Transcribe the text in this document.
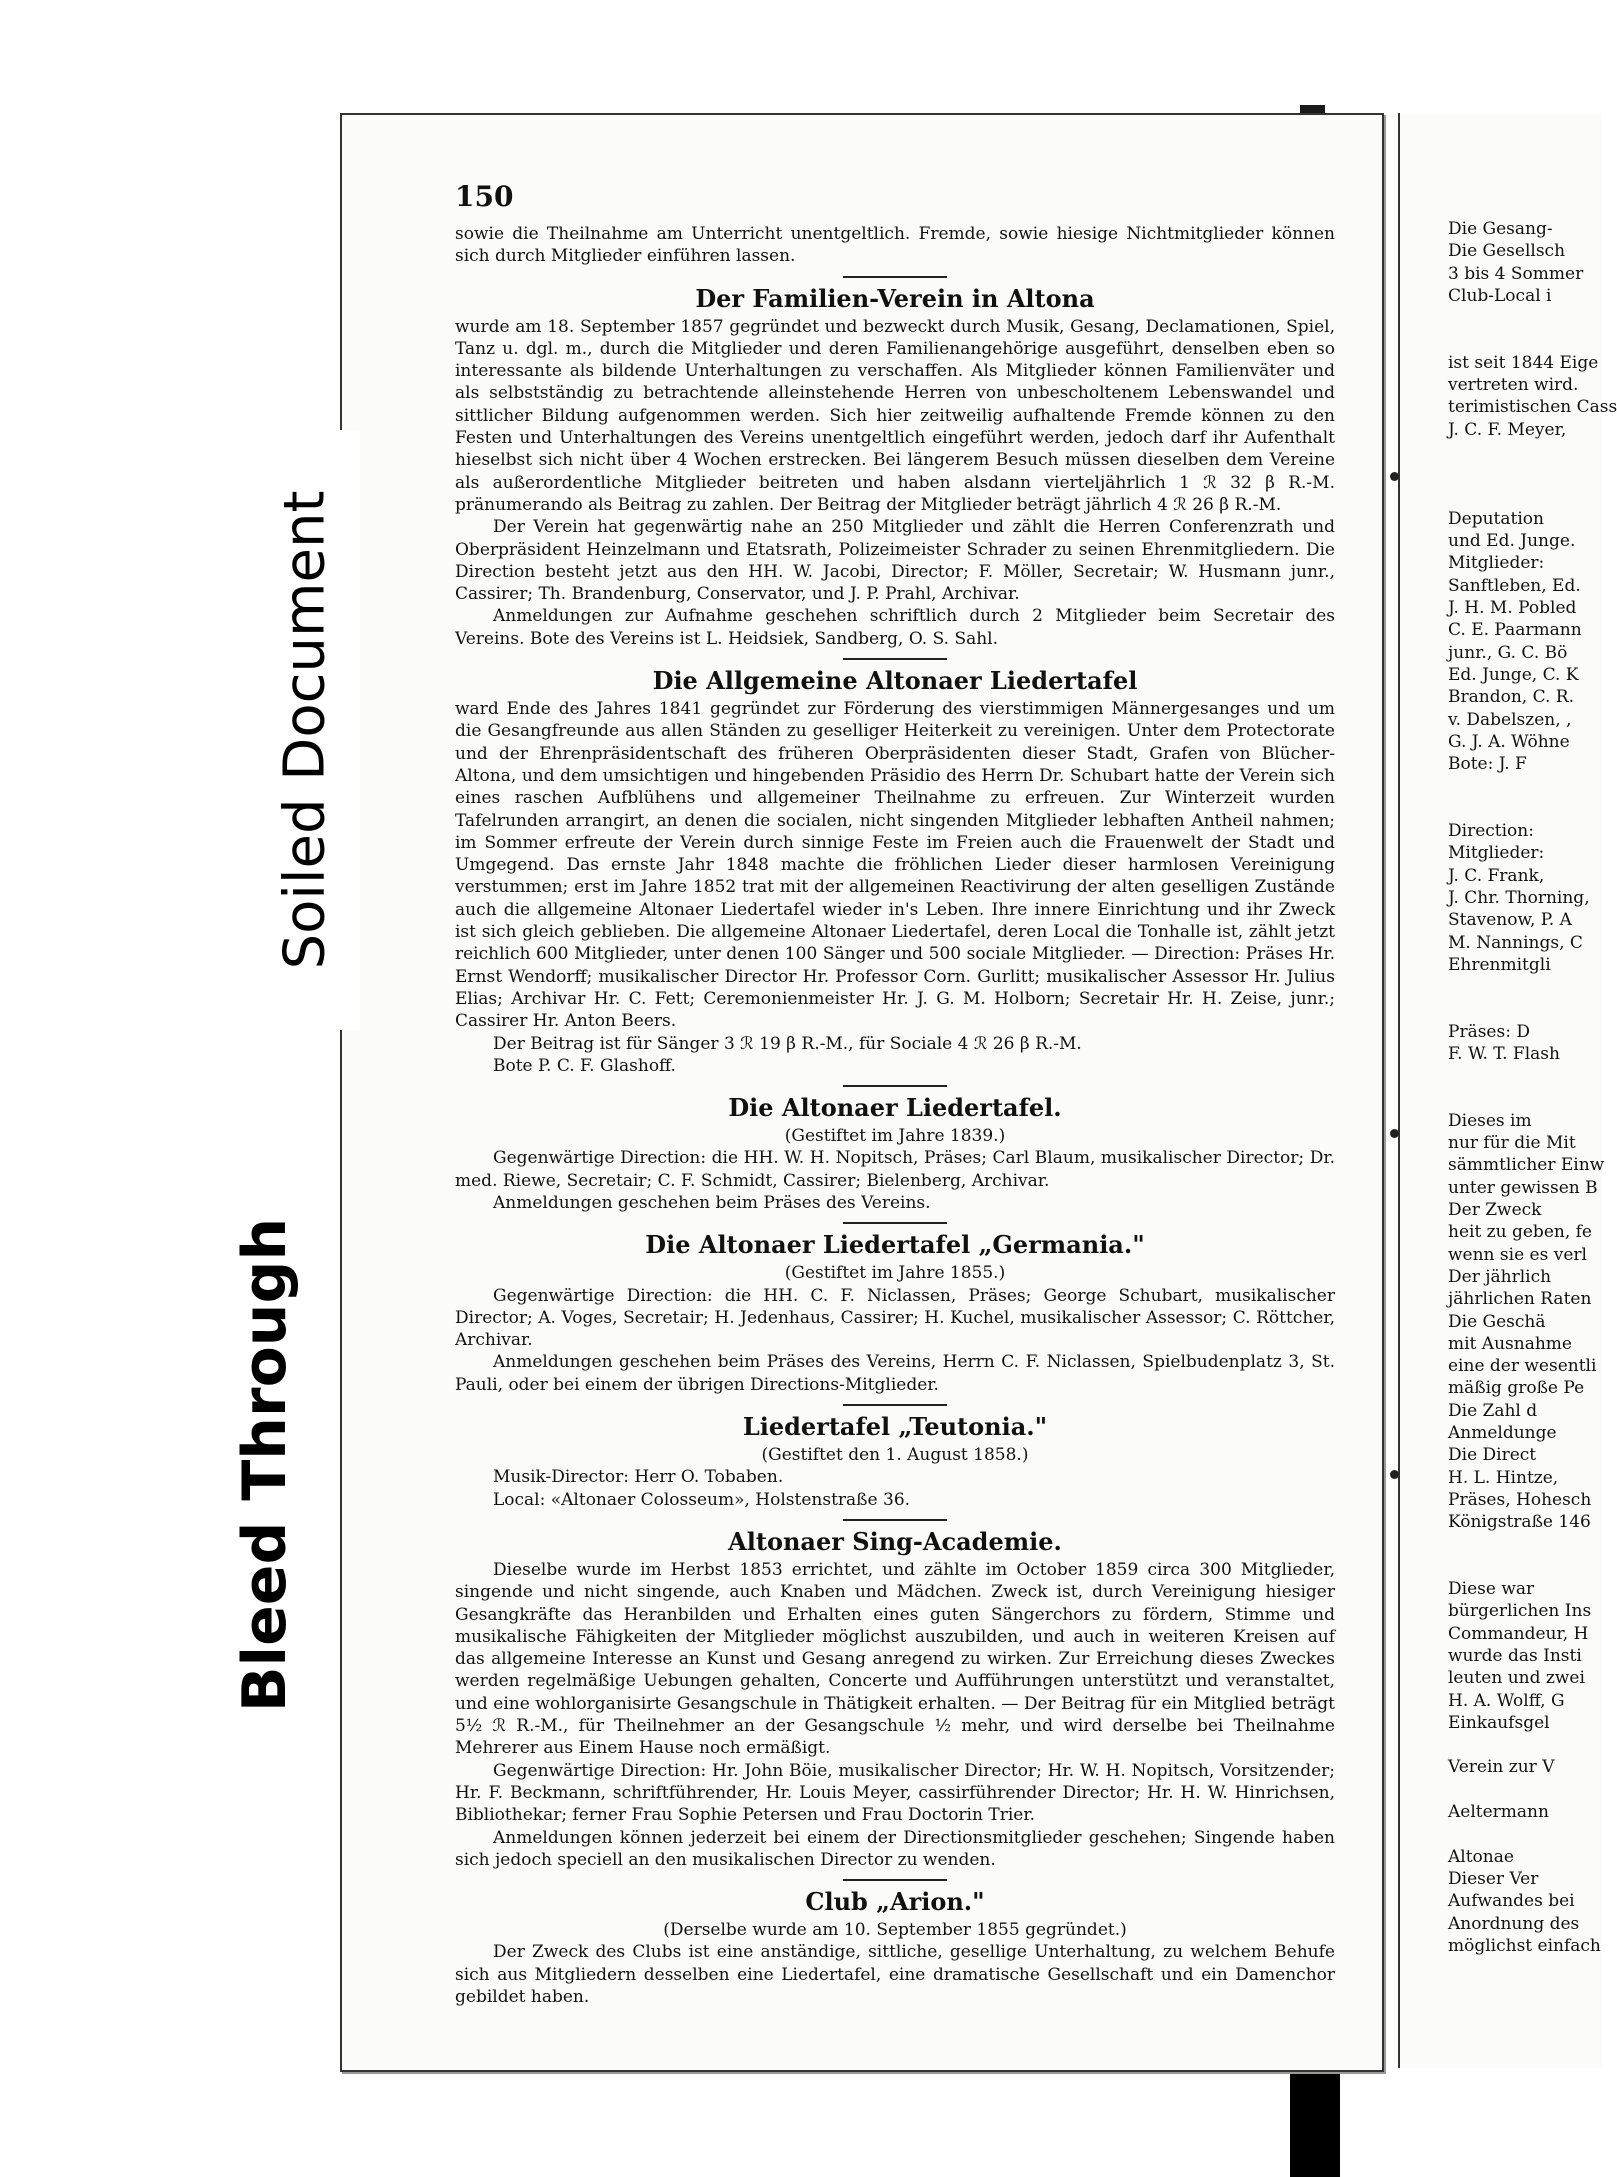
150

sowie die Theilnahme am Unterricht unentgeltlich. Fremde, sowie hiesige Nichtmitglieder können sich durch Mitglieder einführen lassen.

Der Familien-Verein in Altona

wurde am 18. September 1857 gegründet und bezweckt durch Musik, Gesang, Declamationen, Spiel, Tanz u. dgl. m., durch die Mitglieder und deren Familienangehörige ausgeführt, denselben eben so interessante als bildende Unterhaltungen zu verschaffen. Als Mitglieder können Familienväter und als selbstständig zu betrachtende alleinstehende Herren von unbescholtenem Lebenswandel und sittlicher Bildung aufgenommen werden. Sich hier zeitweilig aufhaltende Fremde können zu den Festen und Unterhaltungen des Vereins unentgeltlich eingeführt werden, jedoch darf ihr Aufenthalt hieselbst sich nicht über 4 Wochen erstrecken. Bei längerem Besuch müssen dieselben dem Vereine als außerordentliche Mitglieder beitreten und haben alsdann vierteljährlich 1 ℛ 32 β R.-M. pränumerando als Beitrag zu zahlen. Der Beitrag der Mitglieder beträgt jährlich 4 ℛ 26 β R.-M.

Der Verein hat gegenwärtig nahe an 250 Mitglieder und zählt die Herren Conferenzrath und Oberpräsident Heinzelmann und Etatsrath, Polizeimeister Schrader zu seinen Ehrenmitgliedern. Die Direction besteht jetzt aus den HH. W. Jacobi, Director; F. Möller, Secretair; W. Husmann junr., Cassirer; Th. Brandenburg, Conservator, und J. P. Prahl, Archivar.

Anmeldungen zur Aufnahme geschehen schriftlich durch 2 Mitglieder beim Secretair des Vereins. Bote des Vereins ist L. Heidsiek, Sandberg, O. S. Sahl.

Die Allgemeine Altonaer Liedertafel

ward Ende des Jahres 1841 gegründet zur Förderung des vierstimmigen Männergesanges und um die Gesangfreunde aus allen Ständen zu geselliger Heiterkeit zu vereinigen. Unter dem Protectorate und der Ehrenpräsidentschaft des früheren Oberpräsidenten dieser Stadt, Grafen von Blücher-Altona, und dem umsichtigen und hingebenden Präsidio des Herrn Dr. Schubart hatte der Verein sich eines raschen Aufblühens und allgemeiner Theilnahme zu erfreuen. Zur Winterzeit wurden Tafelrunden arrangirt, an denen die socialen, nicht singenden Mitglieder lebhaften Antheil nahmen; im Sommer erfreute der Verein durch sinnige Feste im Freien auch die Frauenwelt der Stadt und Umgegend. Das ernste Jahr 1848 machte die fröhlichen Lieder dieser harmlosen Vereinigung verstummen; erst im Jahre 1852 trat mit der allgemeinen Reactivirung der alten geselligen Zustände auch die allgemeine Altonaer Liedertafel wieder in's Leben. Ihre innere Einrichtung und ihr Zweck ist sich gleich geblieben. Die allgemeine Altonaer Liedertafel, deren Local die Tonhalle ist, zählt jetzt reichlich 600 Mitglieder, unter denen 100 Sänger und 500 sociale Mitglieder. — Direction: Präses Hr. Ernst Wendorff; musikalischer Director Hr. Professor Corn. Gurlitt; musikalischer Assessor Hr. Julius Elias; Archivar Hr. C. Fett; Ceremonienmeister Hr. J. G. M. Holborn; Secretair Hr. H. Zeise, junr.; Cassirer Hr. Anton Beers.

Der Beitrag ist für Sänger 3 ℛ 19 β R.-M., für Sociale 4 ℛ 26 β R.-M.

Bote P. C. F. Glashoff.

Die Altonaer Liedertafel.
(Gestiftet im Jahre 1839.)

Gegenwärtige Direction: die HH. W. H. Nopitsch, Präses; Carl Blaum, musikalischer Director; Dr. med. Riewe, Secretair; C. F. Schmidt, Cassirer; Bielenberg, Archivar.

Anmeldungen geschehen beim Präses des Vereins.

Die Altonaer Liedertafel „Germania."
(Gestiftet im Jahre 1855.)

Gegenwärtige Direction: die HH. C. F. Niclassen, Präses; George Schubart, musikalischer Director; A. Voges, Secretair; H. Jedenhaus, Cassirer; H. Kuchel, musikalischer Assessor; C. Röttcher, Archivar.

Anmeldungen geschehen beim Präses des Vereins, Herrn C. F. Niclassen, Spielbudenplatz 3, St. Pauli, oder bei einem der übrigen Directions-Mitglieder.

Liedertafel „Teutonia."
(Gestiftet den 1. August 1858.)

Musik-Director: Herr O. Tobaben.

Local: «Altonaer Colosseum», Holstenstraße 36.

Altonaer Sing-Academie.

Dieselbe wurde im Herbst 1853 errichtet, und zählte im October 1859 circa 300 Mitglieder, singende und nicht singende, auch Knaben und Mädchen. Zweck ist, durch Vereinigung hiesiger Gesangkräfte das Heranbilden und Erhalten eines guten Sängerchors zu fördern, Stimme und musikalische Fähigkeiten der Mitglieder möglichst auszubilden, und auch in weiteren Kreisen auf das allgemeine Interesse an Kunst und Gesang anregend zu wirken. Zur Erreichung dieses Zweckes werden regelmäßige Uebungen gehalten, Concerte und Aufführungen unterstützt und veranstaltet, und eine wohlorganisirte Gesangschule in Thätigkeit erhalten. — Der Beitrag für ein Mitglied beträgt 5½ ℛ R.-M., für Theilnehmer an der Gesangschule ½ mehr, und wird derselbe bei Theilnahme Mehrerer aus Einem Hause noch ermäßigt.

Gegenwärtige Direction: Hr. John Böie, musikalischer Director; Hr. W. H. Nopitsch, Vorsitzender; Hr. F. Beckmann, schriftführender, Hr. Louis Meyer, cassirführender Director; Hr. H. W. Hinrichsen, Bibliothekar; ferner Frau Sophie Petersen und Frau Doctorin Trier.

Anmeldungen können jederzeit bei einem der Directionsmitglieder geschehen; Singende haben sich jedoch speciell an den musikalischen Director zu wenden.

Club „Arion."
(Derselbe wurde am 10. September 1855 gegründet.)

Der Zweck des Clubs ist eine anständige, sittliche, gesellige Unterhaltung, zu welchem Behufe sich aus Mitgliedern desselben eine Liedertafel, eine dramatische Gesellschaft und ein Damenchor gebildet haben.

Die Gesang-
Die Gesellsch
3 bis 4 Sommer
Club-Local i
ist seit 1844 Eige
vertreten wird.
terimistischen Cass
J. C. F. Meyer,
Deputation
und Ed. Junge.
Mitglieder:
Sanftleben, Ed.
J. H. M. Pobled
C. E. Paarmann
junr., G. C. Bö
Ed. Junge, C. K
Brandon, C. R.
v. Dabelszen, ,
G. J. A. Wöhne
Bote: J. F
Direction:
Mitglieder:
J. C. Frank,
J. Chr. Thorning,
Stavenow, P. A
M. Nannings, C
Ehrenmitgli
Präses: D
F. W. T. Flash
Dieses im
nur für die Mit
sämmtlicher Einw
unter gewissen B
Der Zweck
heit zu geben, fe
wenn sie es verl
Der jährlich
jährlichen Raten
Die Geschä
mit Ausnahme
eine der wesentli
mäßig große Pe
Die Zahl d
Anmeldunge
Die Direct
H. L. Hintze,
Präses, Hohesch
Königstraße 146
Diese war
bürgerlichen Ins
Commandeur, H
wurde das Insti
leuten und zwei
H. A. Wolff, G
Einkaufsgel
Verein zur V
Aeltermann
Altonae
Dieser Ver
Aufwandes bei
Anordnung des
möglichst einfach
Soiled Document
Bleed Through
